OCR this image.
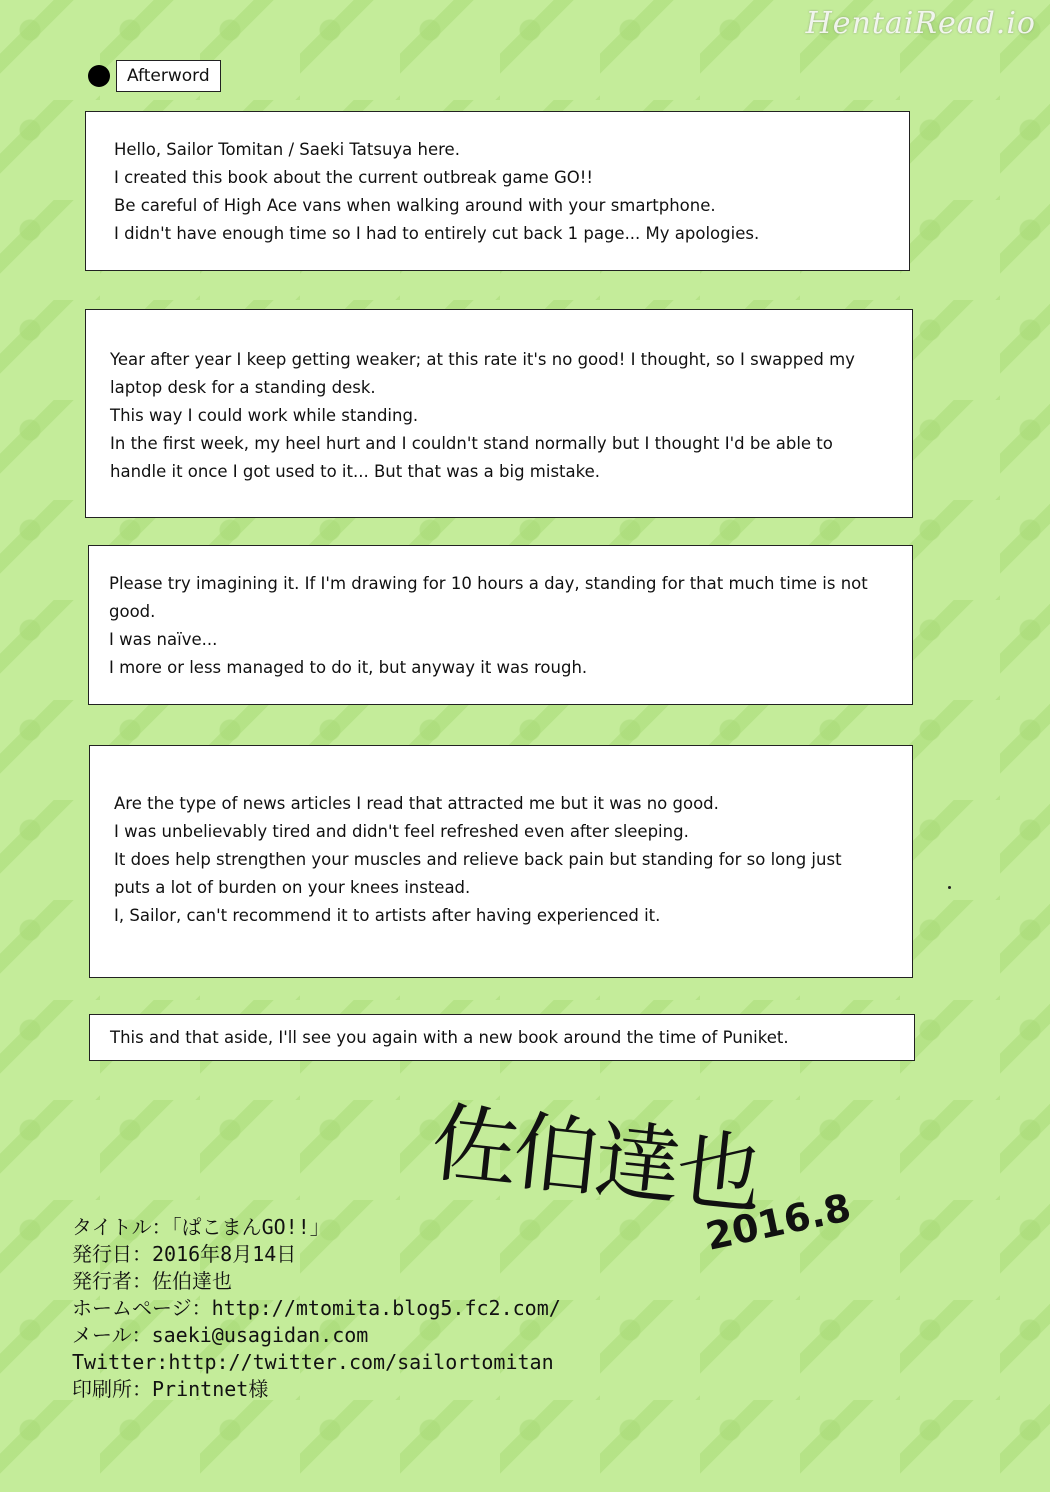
HentaiRead.io
Afterword

Hello, Sailor Tomitan / Saeki Tatsuya here.

I created this book about the current outbreak game GO!!

Be careful of High Ace vans when walking around with your smartphone.

I didn't have enough time so I had to entirely cut back 1 page... My apologies.

Year after year I keep getting weaker; at this rate it's no good! I thought, so I swapped my

laptop desk for a standing desk.

This way I could work while standing.

In the first week, my heel hurt and I couldn't stand normally but I thought I'd be able to

handle it once I got used to it... But that was a big mistake.

Please try imagining it. If I'm drawing for 10 hours a day, standing for that much time is not

good.

I was naïve...

I more or less managed to do it, but anyway it was rough.

Are the type of news articles I read that attracted me but it was no good.

I was unbelievably tired and didn't feel refreshed even after sleeping.

It does help strengthen your muscles and relieve back pain but standing for so long just

puts a lot of burden on your knees instead.

I, Sailor, can't recommend it to artists after having experienced it.

This and that aside, I'll see you again with a new book around the time of Puniket.

佐伯達也
2016.8
タイトル：「ぱこまんGO!!」
発行日：2016年8月14日
発行者：佐伯達也
ホームページ：http://mtomita.blog5.fc2.com/
メール：saeki@usagidan.com
Twitter:http://twitter.com/sailortomitan
印刷所：Printnet様
